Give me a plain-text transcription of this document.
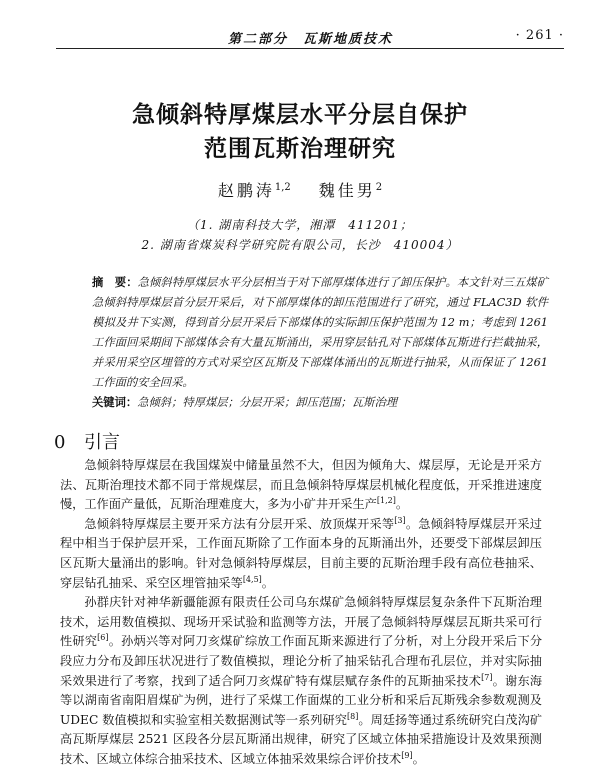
第二部分　瓦斯地质技术	· 261 ·
急倾斜特厚煤层水平分层自保护
范围瓦斯治理研究
赵鹏涛$^{1,2}$ 魏佳男$^2$
（1. 湖南科技大学，湘潭　411201；
2. 湖南省煤炭科学研究院有限公司，长沙　410004）
摘　要：急倾斜特厚煤层水平分层相当于对下部厚煤体进行了卸压保护。本文针对三五煤矿急倾斜特厚煤层首分层开采后，对下部厚煤体的卸压范围进行了研究，通过 FLAC3D 软件模拟及井下实测，得到首分层开采后下部煤体的实际卸压保护范围为 12 m；考虑到 1261 工作面回采期间下部煤体会有大量瓦斯涌出，采用穿层钻孔对下部煤体瓦斯进行拦截抽采，并采用采空区埋管的方式对采空区瓦斯及下部煤体涌出的瓦斯进行抽采，从而保证了 1261 工作面的安全回采。
关键词：急倾斜；特厚煤层；分层开采；卸压范围；瓦斯治理
0 引言

急倾斜特厚煤层在我国煤炭中储量虽然不大，但因为倾角大、煤层厚，无论是开采方法、瓦斯治理技术都不同于常规煤层，而且急倾斜特厚煤层机械化程度低，开采推进速度慢，工作面产量低，瓦斯治理难度大，多为小矿井开采生产[1,2]。

急倾斜特厚煤层主要开采方法有分层开采、放顶煤开采等[3]。急倾斜特厚煤层开采过程中相当于保护层开采，工作面瓦斯除了工作面本身的瓦斯涌出外，还要受下部煤层卸压区瓦斯大量涌出的影响。针对急倾斜特厚煤层，目前主要的瓦斯治理手段有高位巷抽采、穿层钻孔抽采、采空区埋管抽采等[4,5]。

孙群庆针对神华新疆能源有限责任公司乌东煤矿急倾斜特厚煤层复杂条件下瓦斯治理技术，运用数值模拟、现场开采试验和监测等方法，开展了急倾斜特厚煤层瓦斯共采可行性研究[6]。孙炳兴等对阿刀亥煤矿综放工作面瓦斯来源进行了分析，对上分段开采后下分段应力分布及卸压状况进行了数值模拟，理论分析了抽采钻孔合理布孔层位，并对实际抽采效果进行了考察，找到了适合阿刀亥煤矿特有煤层赋存条件的瓦斯抽采技术[7]。谢东海等以湖南省南阳眉煤矿为例，进行了采煤工作面煤的工业分析和采后瓦斯残余参数观测及 UDEC 数值模拟和实验室相关数据测试等一系列研究[8]。周廷扬等通过系统研究白茂沟矿高瓦斯厚煤层 2521 区段各分层瓦斯涌出规律，研究了区域立体抽采措施设计及效果预测技术、区域立体综合抽采技术、区域立体抽采效果综合评价技术[9]。
